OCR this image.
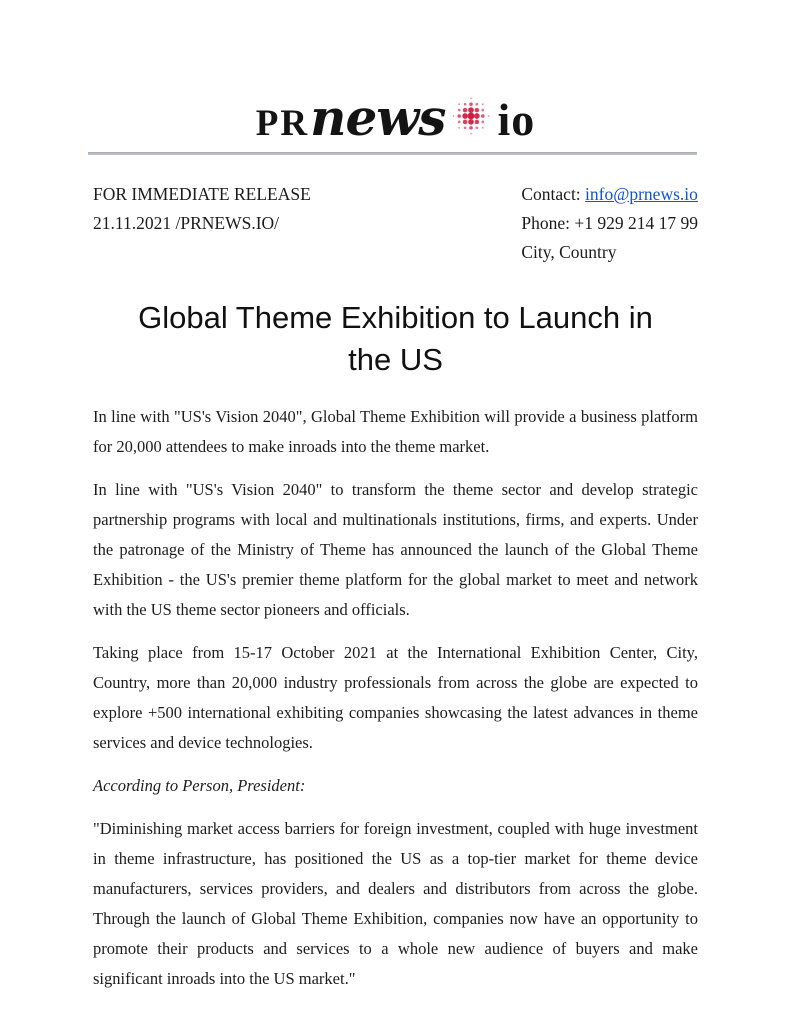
PR news io

FOR IMMEDIATE RELEASE

21.11.2021 /PRNEWS.IO/

Contact: info@prnews.io

Phone: +1 929 214 17 99

City, Country

Global Theme Exhibition to Launch in
the US

In line with "US's Vision 2040", Global Theme Exhibition will provide a business platform for 20,000 attendees to make inroads into the theme market.

In line with "US's Vision 2040" to transform the theme sector and develop strategic partnership programs with local and multinationals institutions, firms, and experts. Under the patronage of the Ministry of Theme has announced the launch of the Global Theme Exhibition - the US's premier theme platform for the global market to meet and network with the US theme sector pioneers and officials.

Taking place from 15-17 October 2021 at the International Exhibition Center, City, Country, more than 20,000 industry professionals from across the globe are expected to explore +500 international exhibiting companies showcasing the latest advances in theme services and device technologies.

According to Person, President:

"Diminishing market access barriers for foreign investment, coupled with huge investment in theme infrastructure, has positioned the US as a top-tier market for theme device manufacturers, services providers, and dealers and distributors from across the globe. Through the launch of Global Theme Exhibition, companies now have an opportunity to promote their products and services to a whole new audience of buyers and make significant inroads into the US market."
